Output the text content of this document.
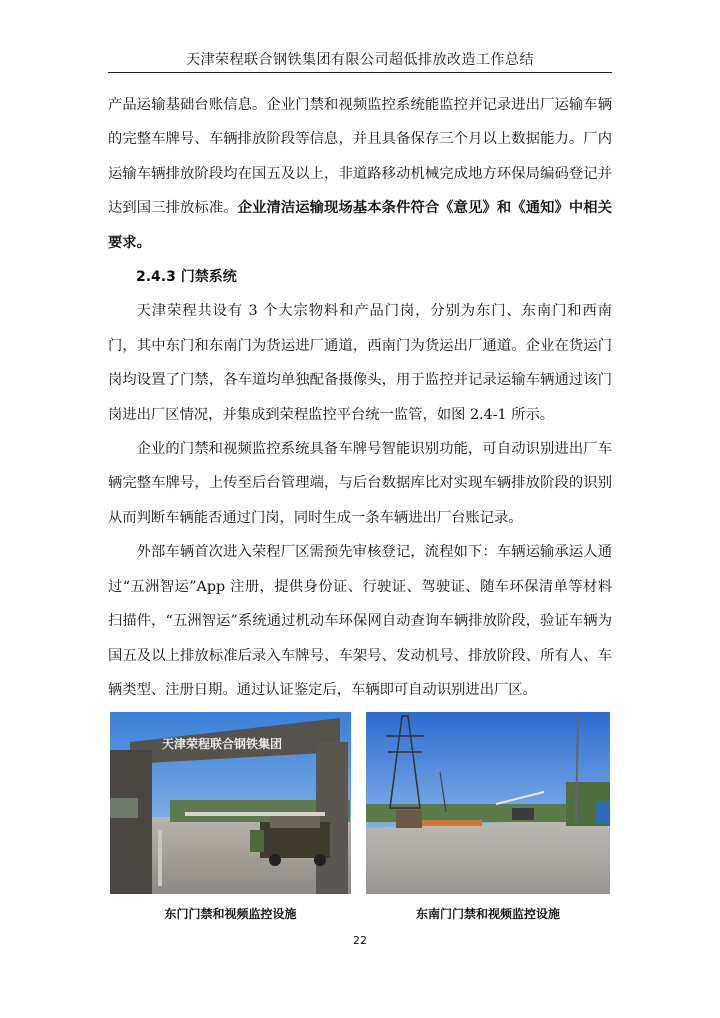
天津荣程联合钢铁集团有限公司超低排放改造工作总结

产品运输基础台账信息。企业门禁和视频监控系统能监控并记录进出厂运输车辆的完整车牌号、车辆排放阶段等信息，并且具备保存三个月以上数据能力。厂内运输车辆排放阶段均在国五及以上，非道路移动机械完成地方环保局编码登记并达到国三排放标准。企业清洁运输现场基本条件符合《意见》和《通知》中相关要求。

2.4.3 门禁系统

天津荣程共设有 3 个大宗物料和产品门岗，分别为东门、东南门和西南门，其中东门和东南门为货运进厂通道，西南门为货运出厂通道。企业在货运门岗均设置了门禁，各车道均单独配备摄像头，用于监控并记录运输车辆通过该门岗进出厂区情况，并集成到荣程监控平台统一监管，如图 2.4-1 所示。

企业的门禁和视频监控系统具备车牌号智能识别功能，可自动识别进出厂车辆完整车牌号，上传至后台管理端，与后台数据库比对实现车辆排放阶段的识别从而判断车辆能否通过门岗，同时生成一条车辆进出厂台账记录。

外部车辆首次进入荣程厂区需预先审核登记，流程如下：车辆运输承运人通过“五洲智运”App 注册，提供身份证、行驶证、驾驶证、随车环保清单等材料扫描件，“五洲智运”系统通过机动车环保网自动查询车辆排放阶段，验证车辆为国五及以上排放标准后录入车牌号、车架号、发动机号、排放阶段、所有人、车辆类型、注册日期。通过认证鉴定后，车辆即可自动识别进出厂区。

天津荣程联合钢铁集团
东门门禁和视频监控设施	东南门门禁和视频监控设施
22
